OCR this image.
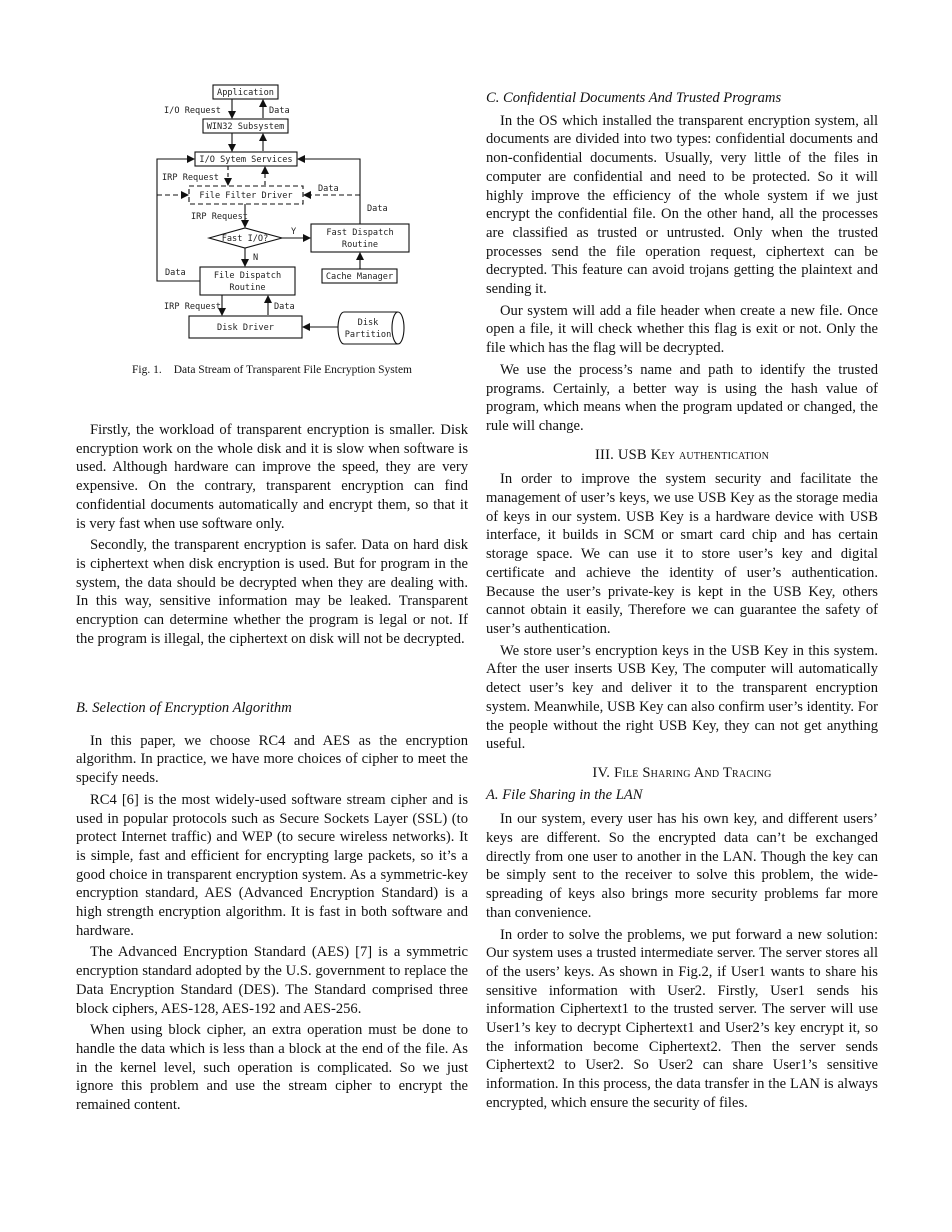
Application
WIN32 Subsystem
I/O Sytem Services
File Filter Driver
Fast I/O?
Fast Dispatch
Routine
Cache Manager
File Dispatch
Routine
Disk Driver	Disk
Partition
I/O Request	Data
IRP Request
Data
Data
IRP Request
Y
N
Data
IRP Request	Data
Fig. 1. Data Stream of Transparent File Encryption System

Firstly, the workload of transparent encryption is smaller. Disk encryption work on the whole disk and it is slow when software is used. Although hardware can improve the speed, they are very expensive. On the contrary, transparent encryption can find confidential documents automatically and encrypt them, so that it is very fast when use software only.

Secondly, the transparent encryption is safer. Data on hard disk is ciphertext when disk encryption is used. But for program in the system, the data should be decrypted when they are dealing with. In this way, sensitive information may be leaked. Transparent encryption can determine whether the program is legal or not. If the program is illegal, the ciphertext on disk will not be decrypted.

B. Selection of Encryption Algorithm

In this paper, we choose RC4 and AES as the encryption algorithm. In practice, we have more choices of cipher to meet the specify needs.

RC4 [6] is the most widely-used software stream cipher and is used in popular protocols such as Secure Sockets Layer (SSL) (to protect Internet traffic) and WEP (to secure wireless networks). It is simple, fast and efficient for encrypting large packets, so it’s a good choice in transparent encryption system. As a symmetric-key encryption standard, AES (Advanced Encryption Standard) is a high strength encryption algorithm. It is fast in both software and hardware.

The Advanced Encryption Standard (AES) [7] is a symmetric encryption standard adopted by the U.S. government to replace the Data Encryption Standard (DES). The Standard comprised three block ciphers, AES-128, AES-192 and AES-256.

When using block cipher, an extra operation must be done to handle the data which is less than a block at the end of the file. As in the kernel level, such operation is complicated. So we just ignore this problem and use the stream cipher to encrypt the remained content.

C. Confidential Documents And Trusted Programs

In the OS which installed the transparent encryption system, all documents are divided into two types: confidential documents and non-confidential documents. Usually, very little of the files in computer are confidential and need to be protected. So it will highly improve the efficiency of the whole system if we just encrypt the confidential file. On the other hand, all the processes are classified as trusted or untrusted. Only when the trusted processes send the file operation request, ciphertext can be decrypted. This feature can avoid trojans getting the plaintext and sending it.

Our system will add a file header when create a new file. Once open a file, it will check whether this flag is exit or not. Only the file which has the flag will be decrypted.

We use the process’s name and path to identify the trusted programs. Certainly, a better way is using the hash value of program, which means when the program updated or changed, the rule will change.

III. USB Key authentication

In order to improve the system security and facilitate the management of user’s keys, we use USB Key as the storage media of keys in our system. USB Key is a hardware device with USB interface, it builds in SCM or smart card chip and has certain storage space. We can use it to store user’s key and digital certificate and achieve the identity of user’s authentication. Because the user’s private-key is kept in the USB Key, others cannot obtain it easily, Therefore we can guarantee the safety of user’s authentication.

We store user’s encryption keys in the USB Key in this system. After the user inserts USB Key, The computer will automatically detect user’s key and deliver it to the transparent encryption system. Meanwhile, USB Key can also confirm user’s identity. For the people without the right USB Key, they can not get anything useful.

IV. File Sharing And Tracing

A. File Sharing in the LAN

In our system, every user has his own key, and different users’ keys are different. So the encrypted data can’t be exchanged directly from one user to another in the LAN. Though the key can be simply sent to the receiver to solve this problem, the wide-spreading of keys also brings more security problems far more than convenience.

In order to solve the problems, we put forward a new solution: Our system uses a trusted intermediate server. The server stores all of the users’ keys. As shown in Fig.2, if User1 wants to share his sensitive information with User2. Firstly, User1 sends his information Ciphertext1 to the trusted server. The server will use User1’s key to decrypt Ciphertext1 and User2’s key encrypt it, so the information become Ciphertext2. Then the server sends Ciphertext2 to User2. So User2 can share User1’s sensitive information. In this process, the data transfer in the LAN is always encrypted, which ensure the security of files.
